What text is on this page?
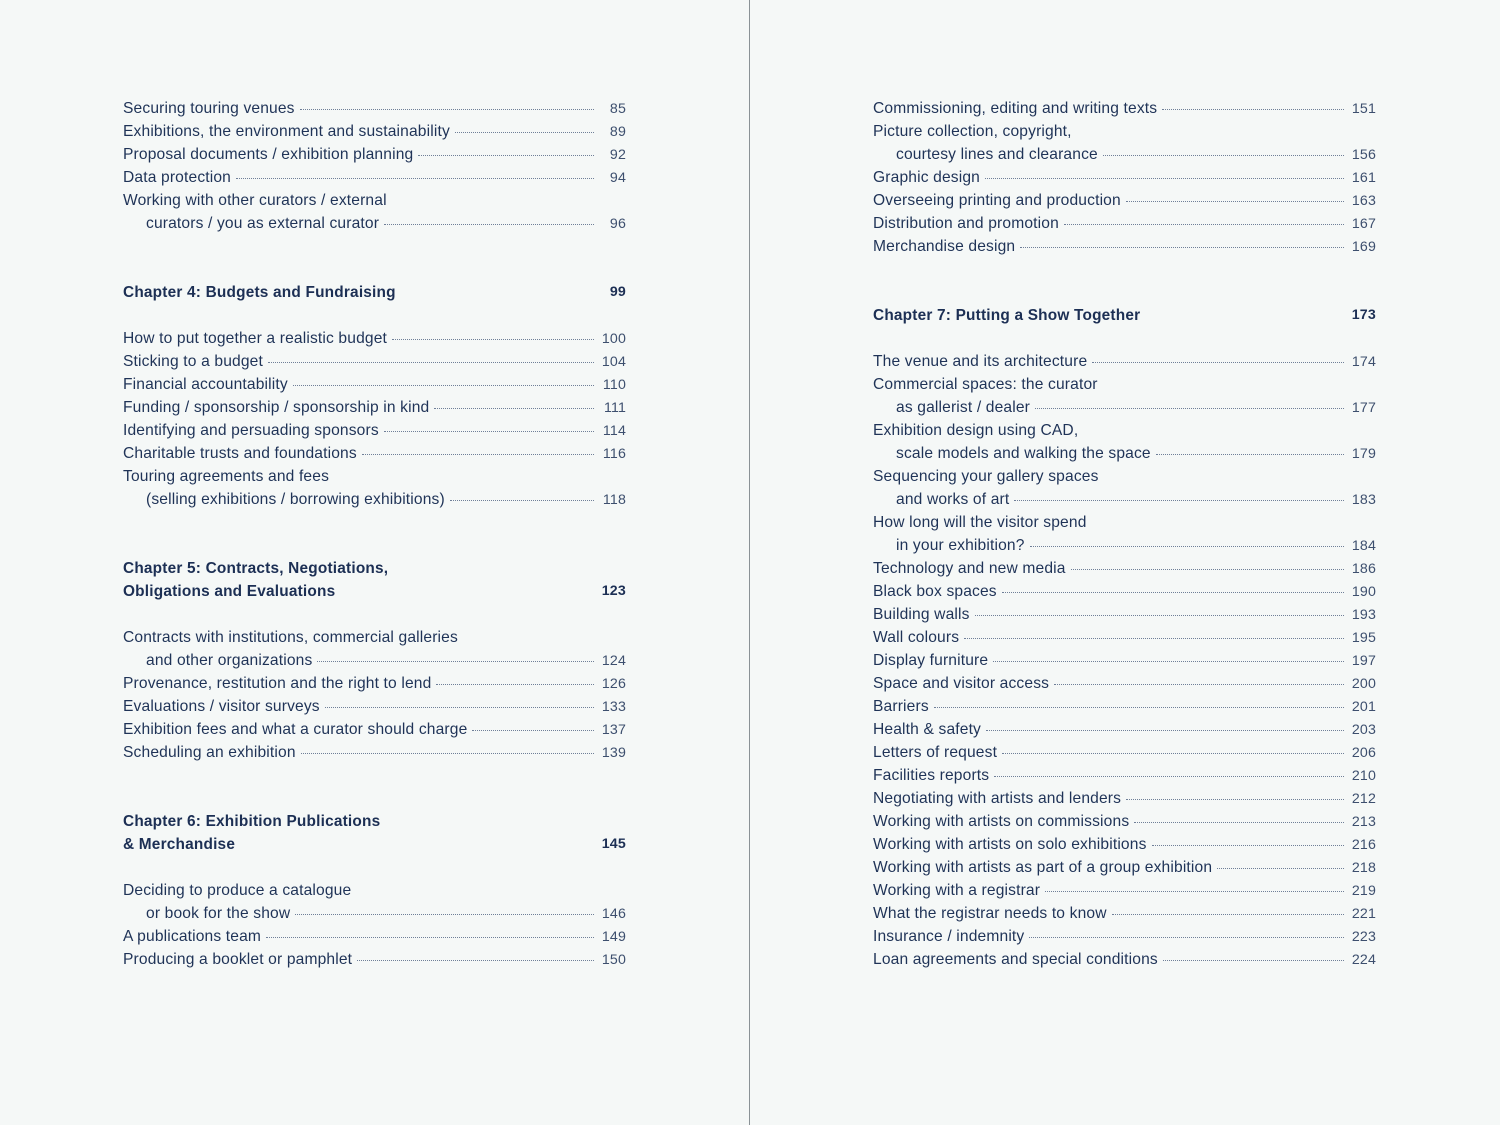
Securing touring venues	85
Exhibitions, the environment and sustainability	89
Proposal documents / exhibition planning	92
Data protection	94
Working with other curators / external
curators / you as external curator	96
Chapter 4: Budgets and Fundraising	99
How to put together a realistic budget	100
Sticking to a budget	104
Financial accountability	110
Funding / sponsorship / sponsorship in kind	111
Identifying and persuading sponsors	114
Charitable trusts and foundations	116
Touring agreements and fees
(selling exhibitions / borrowing exhibitions)	118
Chapter 5: Contracts, Negotiations,
Obligations and Evaluations	123
Contracts with institutions, commercial galleries
and other organizations	124
Provenance, restitution and the right to lend	126
Evaluations / visitor surveys	133
Exhibition fees and what a curator should charge	137
Scheduling an exhibition	139
Chapter 6: Exhibition Publications
& Merchandise	145
Deciding to produce a catalogue
or book for the show	146
A publications team	149
Producing a booklet or pamphlet	150
Commissioning, editing and writing texts	151
Picture collection, copyright,
courtesy lines and clearance	156
Graphic design	161
Overseeing printing and production	163
Distribution and promotion	167
Merchandise design	169
Chapter 7: Putting a Show Together	173
The venue and its architecture	174
Commercial spaces: the curator
as gallerist / dealer	177
Exhibition design using CAD,
scale models and walking the space	179
Sequencing your gallery spaces
and works of art	183
How long will the visitor spend
in your exhibition?	184
Technology and new media	186
Black box spaces	190
Building walls	193
Wall colours	195
Display furniture	197
Space and visitor access	200
Barriers	201
Health & safety	203
Letters of request	206
Facilities reports	210
Negotiating with artists and lenders	212
Working with artists on commissions	213
Working with artists on solo exhibitions	216
Working with artists as part of a group exhibition	218
Working with a registrar	219
What the registrar needs to know	221
Insurance / indemnity	223
Loan agreements and special conditions	224
